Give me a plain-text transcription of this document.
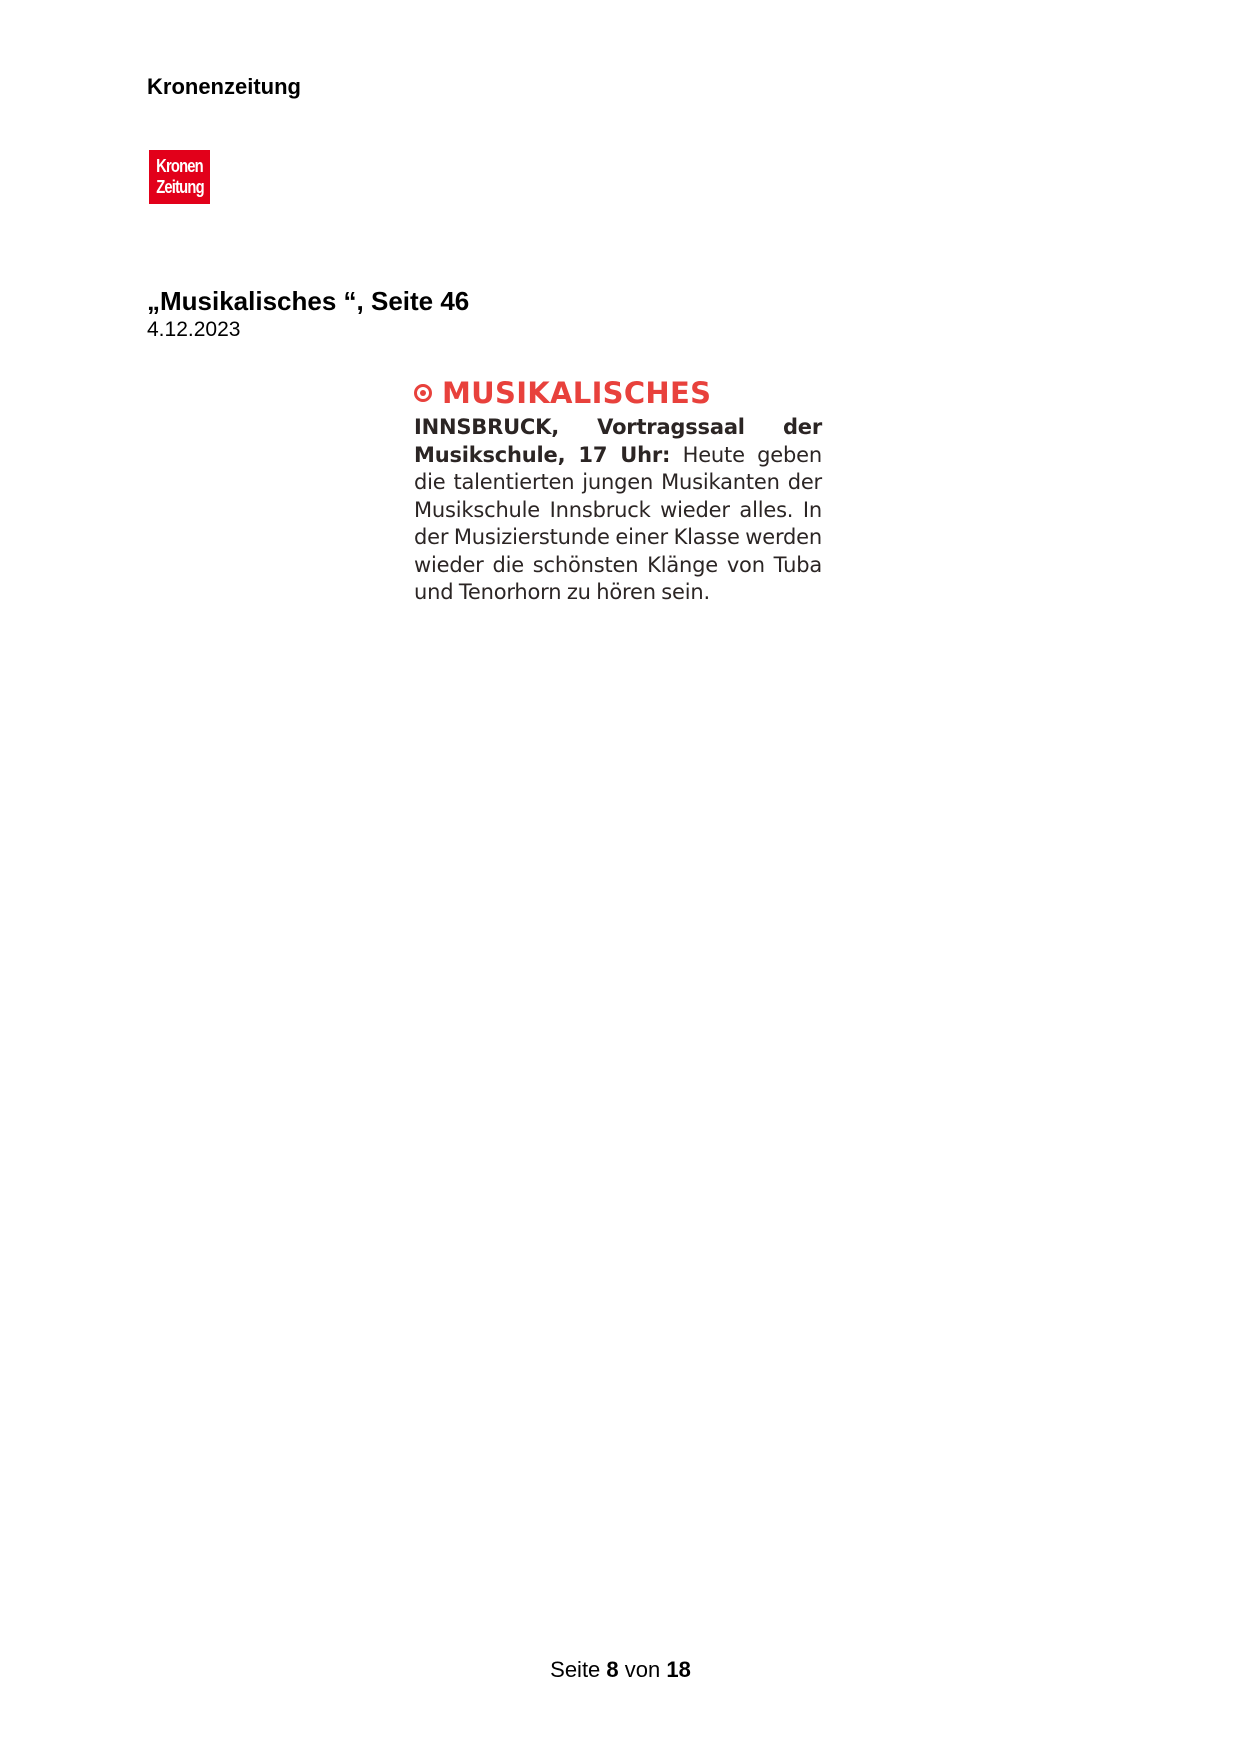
Kronenzeitung

Kronen
Zeitung
„Musikalisches “, Seite 46

4.12.2023

MUSIKALISCHES

INNSBRUCK, Vortragssaal der Musikschule, 17 Uhr: Heute geben die talentierten jungen Musikanten der Musikschule Innsbruck wieder alles. In der Musizierstunde einer Klasse werden wieder die schönsten Klänge von Tuba und Tenorhorn zu hören sein.

Seite 8 von 18
